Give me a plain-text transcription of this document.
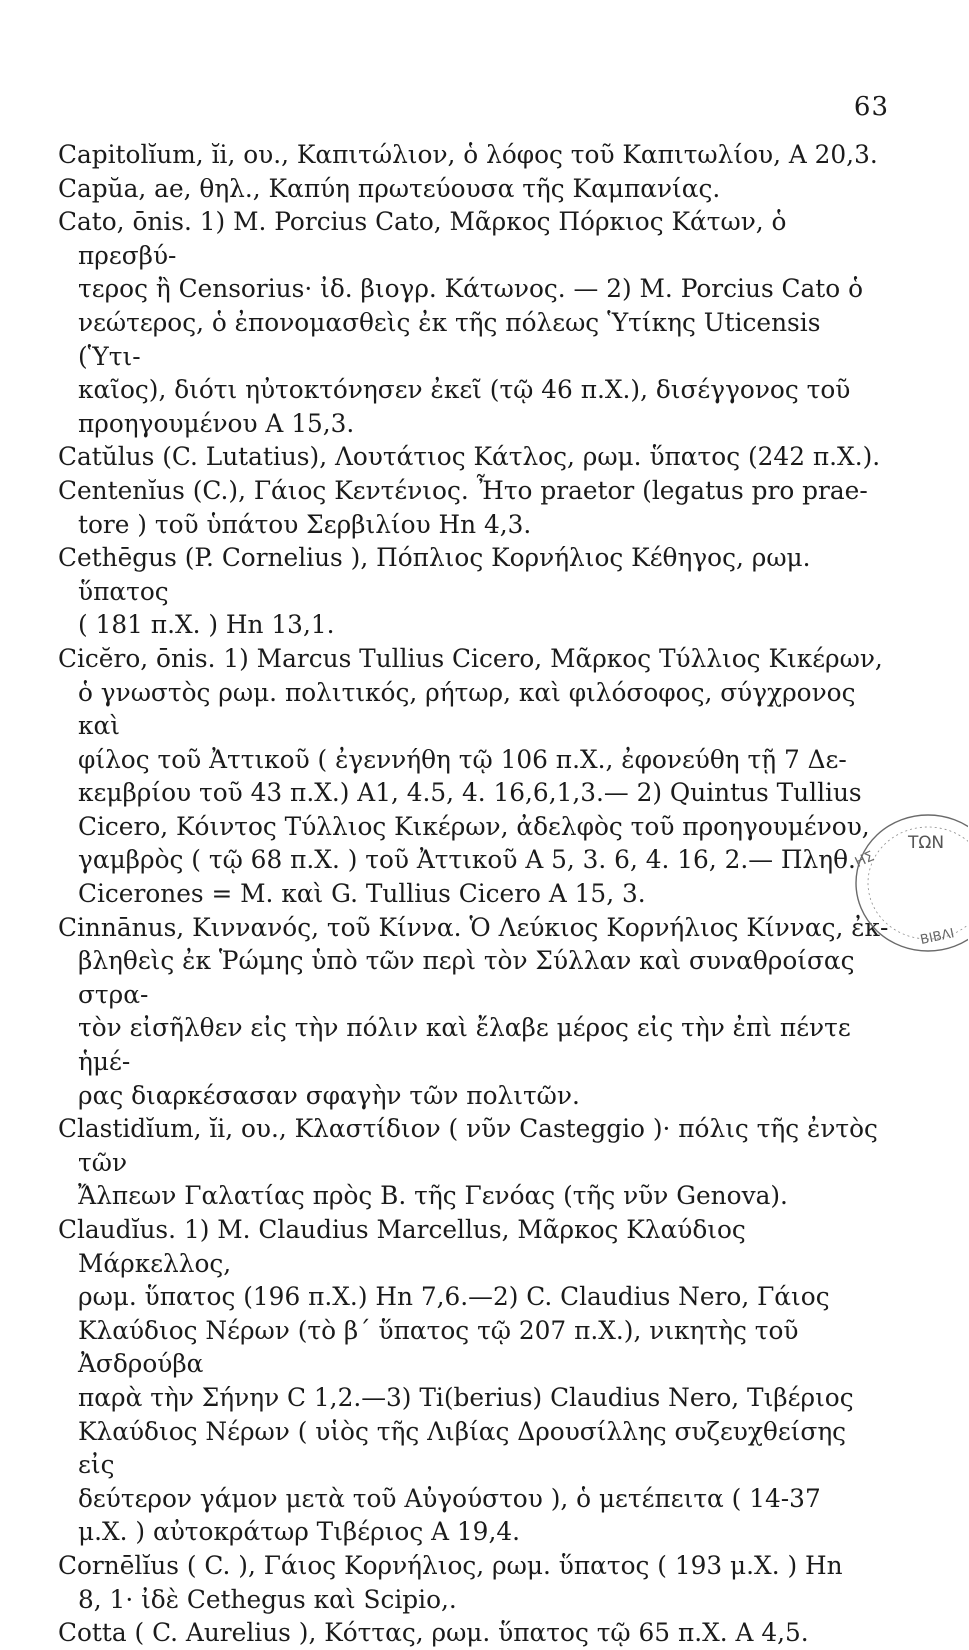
63

Capitolĭum, ĭi, oυ., Καπιτώλιον, ὁ λόφος τοῦ Καπιτωλίου, A 20,3.

Capŭa, ae, θηλ., Καπύη πρωτεύουσα τῆς Καμπανίας.

Cato, ōnis. 1) M. Porcius Cato, Μᾶρκος Πόρκιος Κάτων, ὁ πρεσβύ-
τερος ἢ Censorius· ἰδ. βιογρ. Κάτωνος. — 2) M. Porcius Cato ὁ
νεώτερος, ὁ ἐπονομασθεὶς ἐκ τῆς πόλεως Ὑτίκης Uticensis (Ὑτι-
καῖος), διότι ηὐτοκτόνησεν ἐκεῖ (τῷ 46 π.Χ.), δισέγγονος τοῦ
προηγουμένου A 15,3.

Catŭlus (C. Lutatius), Λουτάτιος Κάτλος, ρωμ. ὕπατος (242 π.Χ.).

Centenĭus (C.), Γάιος Κεντένιος. Ἦτο praetor (legatus pro prae-
tore ) τοῦ ὑπάτου Σερβιλίου Hn 4,3.

Cethēgus (P. Cornelius ), Πόπλιος Κορνήλιος Κέθηγος, ρωμ. ὕπατος
( 181 π.Χ. ) Hn 13,1.

Cicĕro, ōnis. 1) Marcus Tullius Cicero, Μᾶρκος Τύλλιος Κικέρων,
ὁ γνωστὸς ρωμ. πολιτικός, ρήτωρ, καὶ φιλόσοφος, σύγχρονος καὶ
φίλος τοῦ Ἀττικοῦ ( ἐγεννήθη τῷ 106 π.Χ., ἐφονεύθη τῇ 7 Δε-
κεμβρίου τοῦ 43 π.Χ.) A1, 4.5, 4. 16,6,1,3.— 2) Quintus Tullius
Cicero, Κόιντος Τύλλιος Κικέρων, ἀδελφὸς τοῦ προηγουμένου,
γαμβρὸς ( τῷ 68 π.Χ. ) τοῦ Ἀττικοῦ A 5, 3. 6, 4. 16, 2.— Πληθ.
Cicerones = M. καὶ G. Tullius Cicero A 15, 3.

Cinnānus, Κιννανός, τοῦ Κίννα. Ὁ Λεύκιος Κορνήλιος Κίννας, ἐκ-
βληθεὶς ἐκ Ῥώμης ὑπὸ τῶν περὶ τὸν Σύλλαν καὶ συναθροίσας στρα-
τὸν εἰσῆλθεν εἰς τὴν πόλιν καὶ ἔλαβε μέρος εἰς τὴν ἐπὶ πέντε ἡμέ-
ρας διαρκέσασαν σφαγὴν τῶν πολιτῶν.

Clastidĭum, ĭi, oυ., Κλαστίδιον ( νῦν Casteggio )· πόλις τῆς ἐντὸς τῶν
Ἄλπεων Γαλατίας πρὸς B. τῆς Γενόας (τῆς νῦν Genova).

Claudĭus. 1) M. Claudius Marcellus, Μᾶρκος Κλαύδιος Μάρκελλος,
ρωμ. ὕπατος (196 π.Χ.) Hn 7,6.—2) C. Claudius Nero, Γάιος
Κλαύδιος Νέρων (τὸ β΄ ὕπατος τῷ 207 π.Χ.), νικητὴς τοῦ Ἀσδρούβα
παρὰ τὴν Σήνην C 1,2.—3) Ti(berius) Claudius Nero, Τιβέριος
Κλαύδιος Νέρων ( υἱὸς τῆς Λιβίας Δρουσίλλης συζευχθείσης εἰς
δεύτερον γάμον μετὰ τοῦ Αὐγούστου ), ὁ μετέπειτα ( 14-37
μ.Χ. ) αὐτοκράτωρ Τιβέριος A 19,4.

Cornēlĭus ( C. ), Γάιος Κορνήλιος, ρωμ. ὕπατος ( 193 μ.Χ. ) Hn
8, 1· ἰδὲ Cethegus καὶ Scipio,.

Cotta ( C. Aurelius ), Κόττας, ρωμ. ὕπατος τῷ 65 π.Χ. A 4,5.

ΤΩΝ
ΗΣ
ΒΙΒΛΙ
